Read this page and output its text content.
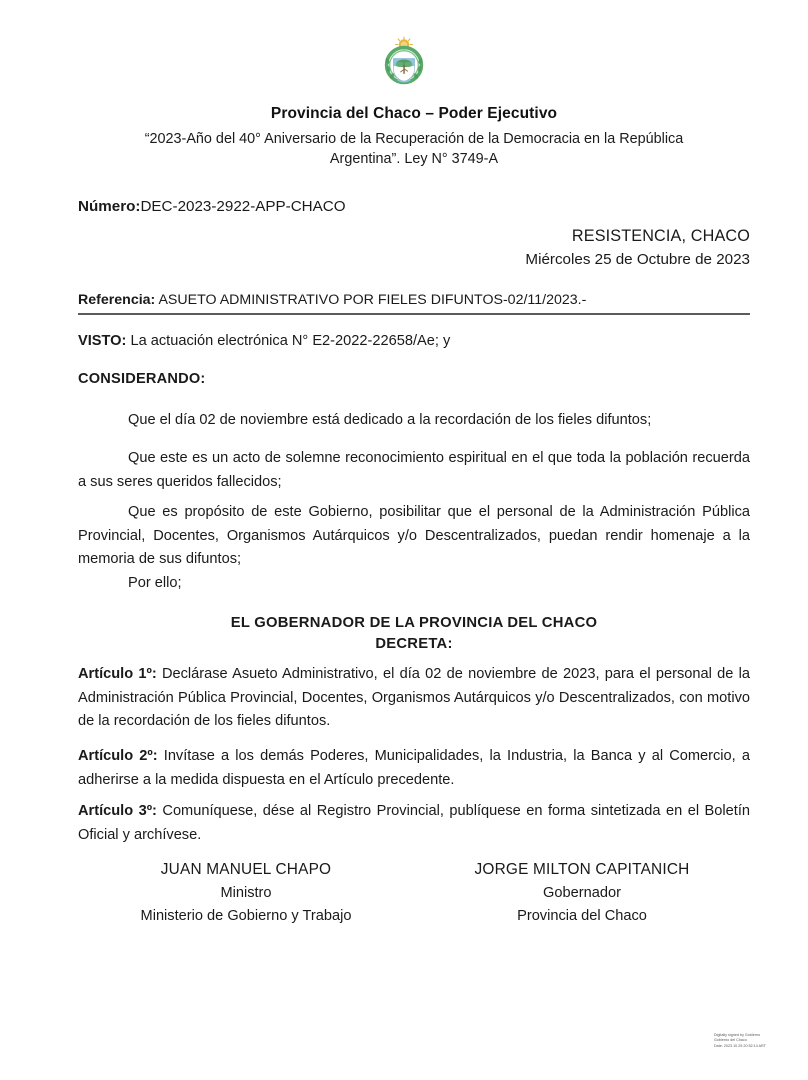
Provincia del Chaco – Poder Ejecutivo
“2023-Año del 40° Aniversario de la Recuperación de la Democracia en la República
Argentina”. Ley N° 3749-A
Número:DEC-2023-2922-APP-CHACO
RESISTENCIA, CHACO
Miércoles 25 de Octubre de 2023
Referencia: ASUETO ADMINISTRATIVO POR FIELES DIFUNTOS-02/11/2023.-
VISTO: La actuación electrónica N° E2-2022-22658/Ae; y
CONSIDERANDO:
Que el día 02 de noviembre está dedicado a la recordación de los fieles difuntos;
Que este es un acto de solemne reconocimiento espiritual en el que toda la población recuerda a sus seres queridos fallecidos;
Que es propósito de este Gobierno, posibilitar que el personal de la Administración Pública Provincial, Docentes, Organismos Autárquicos y/o Descentralizados, puedan rendir homenaje a la memoria de sus difuntos;
Por ello;
EL GOBERNADOR DE LA PROVINCIA DEL CHACO
DECRETA:
Artículo 1º: Declárase Asueto Administrativo, el día 02 de noviembre de 2023, para el personal de la Administración Pública Provincial, Docentes, Organismos Autárquicos y/o Descentralizados, con motivo de la recordación de los fieles difuntos.
Artículo 2º: Invítase a los demás Poderes, Municipalidades, la Industria, la Banca y al Comercio, a adherirse a la medida dispuesta en el Artículo precedente.
Artículo 3º: Comuníquese, dése al Registro Provincial, publíquese en forma sintetizada en el Boletín Oficial y archívese.
JUAN MANUEL CHAPO
Ministro
Ministerio de Gobierno y Trabajo
JORGE MILTON CAPITANICH
Gobernador
Provincia del Chaco
Digitally signed by Gobierno
Gobierno del Chaco
Date: 2023.10.25 20:52:14 ART
